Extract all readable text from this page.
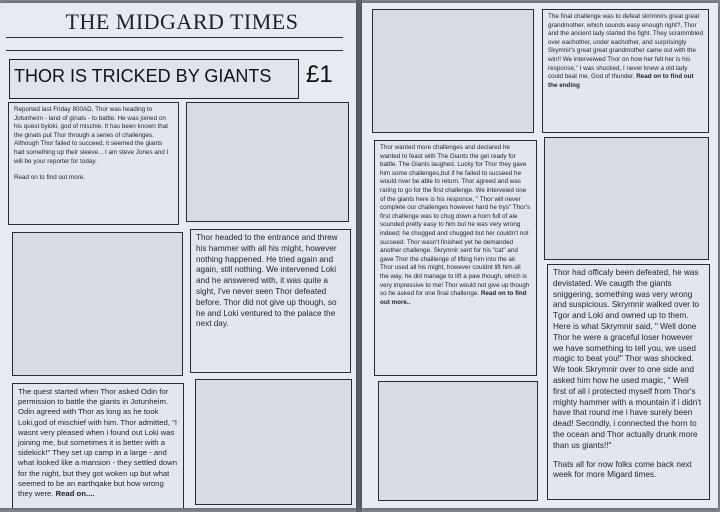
THE MIDGARD TIMES
THOR IS TRICKED BY GIANTS £1

Reported last Friday 800AD, Thor was heading to Jotunheim - land of ginats - to battle. He was joined on his quest byloki, god of mischie. It has been known that the ginats put Thor through a series of challenges. Although Thor failed to succeed, it seemed the giants had something up their sleeve... I am steve Jones and I will be your reporter for today.

Read on to find out more.

Thor headed to the entrance and threw his hammer with all his might, however nothing happened. He tried again and again, still nothing. We intervened Loki and he answered with, it was quite a sight, I've never seen Thor defeated before. Thor did not give up though, so he and Loki ventured to the palace the next day.

The quest started when Thor asked Odin for permission to battle the giants in Jotunheim. Odin agreed with Thor as long as he took Loki,god of mischief with him. Thor admitted, "I wasnt very pleased when i found out Loki was joining me, but sometimes it is better with a sidekick!" They set up camp in a large - and what looked like a mansion - they settled down for the night, but they got woken up but what seemed to be an earthqake but how wrong they were. Read on....

The final challenge was to defeat skrimnirs great great grandmother, which sounds easy enough right?, Thor and the ancient lady started the fight. They scrammbled over eachother, under eachother, and surprisingly Skymnir's great great grandmother came out with the win!! We interveiwed Thor on how her felt her is his response," I was shocked, I never knew a old lady could beat me, God of thunder. Read on to find out the ending

Thor wanted more challenges and declared he wanted to feast with The Giants the get ready for battle. The Giants laughed. Lucky for Thor they gave him some challenges,but if he failed to sucseed he would nver be able to return. Thor agreed and was raring to go for the first challenge. We interveied one of the giants here is his responce, " Thor will never complete our challenges however hard he trys" Thor's first challenge was to chug down a horn full of ale sounded pretty easy to him but he was very wrong indeed; he chugged and chugged but her couldn't not sucseed. Thor wasn't finished yet he demanded another challenge. Skrymnir sent for his "cat" and gave Thor the chaillenge of lifting him into the air. Thor used all his might, however couldnt lift him all the way, he did manage to lift a paw though, which is very impressive to me! Thor would not give up though so he asked for one final challenge. Read on to find out more..

Thor had officaly been defeated, he was devistated. We caugth the giants sniggering, something was very wrong and suspicious. Skrymnir walked over to Tgor and Loki and owned up to them. Here is what Skrymnir said, " Well done Thor he were a graceful loser however we have something to tell you, we used magic to beat you!" Thor was shocked. We took Skrymnir over to one side and asked him how he used magic, " Well first of all i protected myself from Thor's mighty hammer with a mountain if i didn't have that round me i have surely been dead! Secondly, i connected the horn to the ocean and Thor actually drunk more than us giants!!"

Thats all for now folks come back next week for more Migard times.
